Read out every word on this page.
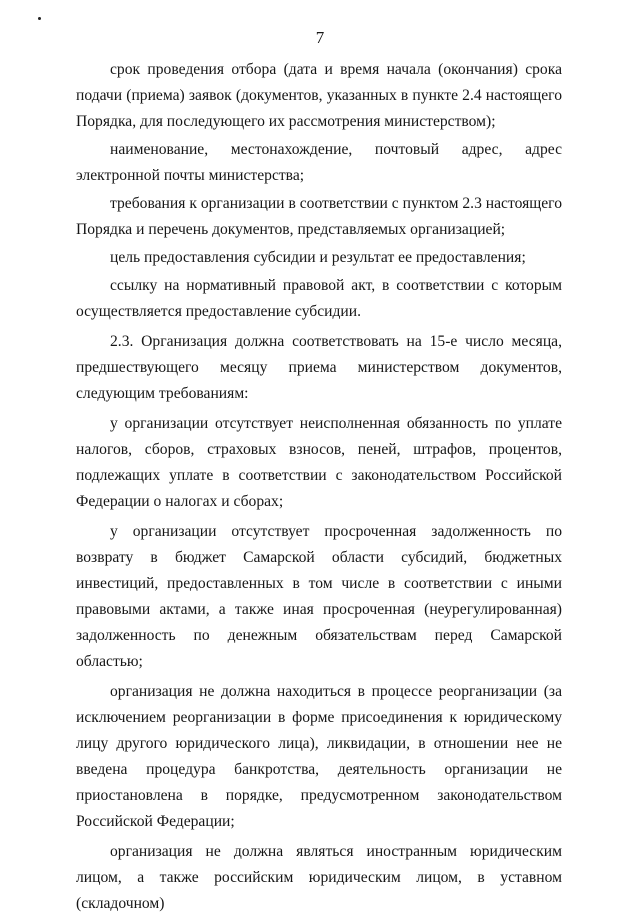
7

срок проведения отбора (дата и время начала (окончания) срока подачи (приема) заявок (документов, указанных в пункте 2.4 настоящего Порядка, для последующего их рассмотрения министерством);

наименование, местонахождение, почтовый адрес, адрес электронной почты министерства;

требования к организации в соответствии с пунктом 2.3 настоящего Порядка и перечень документов, представляемых организацией;

цель предоставления субсидии и результат ее предоставления;

ссылку на нормативный правовой акт, в соответствии с которым осуществляется предоставление субсидии.

2.3. Организация должна соответствовать на 15-е число месяца, предшествующего месяцу приема министерством документов, следующим требованиям:

у организации отсутствует неисполненная обязанность по уплате налогов, сборов, страховых взносов, пеней, штрафов, процентов, подлежащих уплате в соответствии с законодательством Российской Федерации о налогах и сборах;

у организации отсутствует просроченная задолженность по возврату в бюджет Самарской области субсидий, бюджетных инвестиций, предоставленных в том числе в соответствии с иными правовыми актами, а также иная просроченная (неурегулированная) задолженность по денежным обязательствам перед Самарской областью;

организация не должна находиться в процессе реорганизации (за исключением реорганизации в форме присоединения к юридическому лицу другого юридического лица), ликвидации, в отношении нее не введена процедура банкротства, деятельность организации не приостановлена в порядке, предусмотренном законодательством Российской Федерации;

организация не должна являться иностранным юридическим лицом, а также российским юридическим лицом, в уставном (складочном)
